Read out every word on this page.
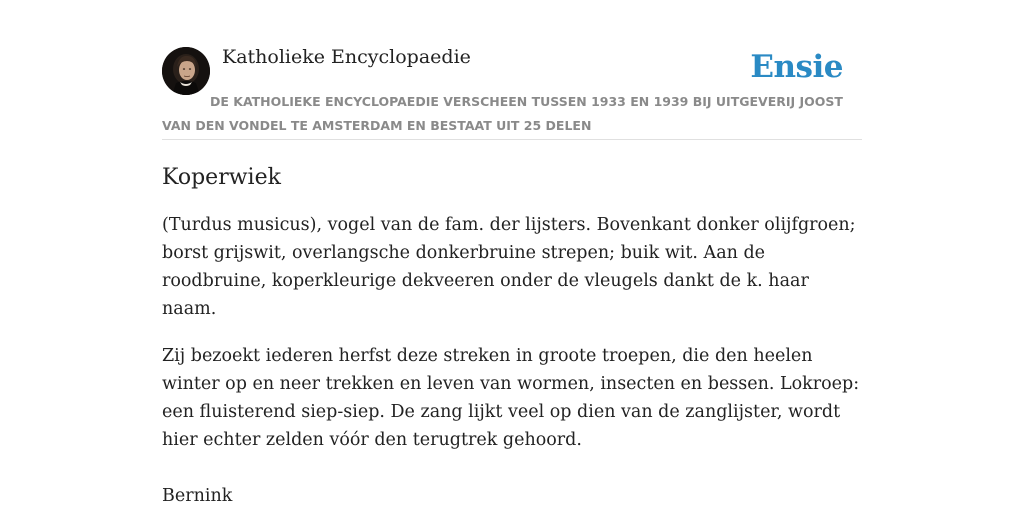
Katholieke Encyclopaedie	Ensie

DE KATHOLIEKE ENCYCLOPAEDIE VERSCHEEN TUSSEN 1933 EN 1939 BIJ UITGEVERIJ JOOST VAN DEN VONDEL TE AMSTERDAM EN BESTAAT UIT 25 DELEN

Koperwiek

(Turdus musicus), vogel van de fam. der lijsters. Bovenkant donker olijfgroen; borst grijswit, overlangsche donkerbruine strepen; buik wit. Aan de roodbruine, koperkleurige dekveeren onder de vleugels dankt de k. haar naam.

Zij bezoekt iederen herfst deze streken in groote troepen, die den heelen winter op en neer trekken en leven van wormen, insecten en bessen. Lokroep: een fluisterend siep-siep. De zang lijkt veel op dien van de zanglijster, wordt hier echter zelden vóór den terugtrek gehoord.

Bernink
